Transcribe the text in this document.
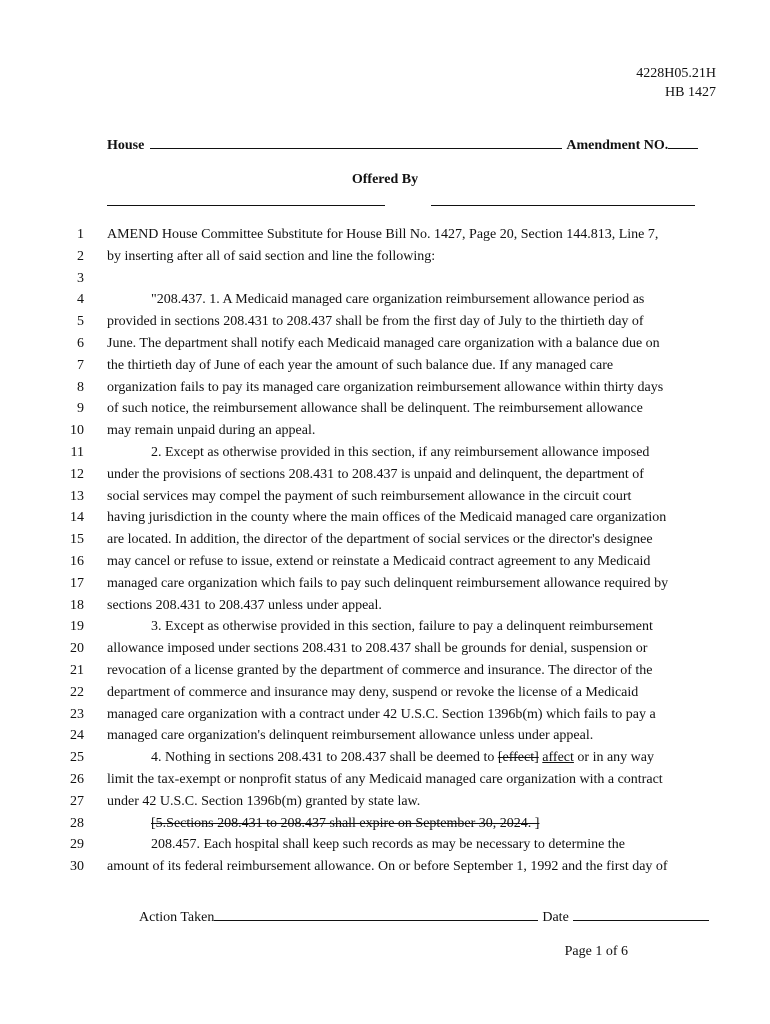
4228H05.21H
HB 1427
House	Amendment NO.
Offered By
1 AMEND House Committee Substitute for House Bill No. 1427, Page 20, Section 144.813, Line 7,
2 by inserting after all of said section and line the following:
3
4	"208.437. 1. A Medicaid managed care organization reimbursement allowance period as
5 provided in sections 208.431 to 208.437 shall be from the first day of July to the thirtieth day of
6 June. The department shall notify each Medicaid managed care organization with a balance due on
7 the thirtieth day of June of each year the amount of such balance due. If any managed care
8 organization fails to pay its managed care organization reimbursement allowance within thirty days
9 of such notice, the reimbursement allowance shall be delinquent. The reimbursement allowance
10 may remain unpaid during an appeal.
11	2. Except as otherwise provided in this section, if any reimbursement allowance imposed
12 under the provisions of sections 208.431 to 208.437 is unpaid and delinquent, the department of
13 social services may compel the payment of such reimbursement allowance in the circuit court
14 having jurisdiction in the county where the main offices of the Medicaid managed care organization
15 are located. In addition, the director of the department of social services or the director's designee
16 may cancel or refuse to issue, extend or reinstate a Medicaid contract agreement to any Medicaid
17 managed care organization which fails to pay such delinquent reimbursement allowance required by
18 sections 208.431 to 208.437 unless under appeal.
19	3. Except as otherwise provided in this section, failure to pay a delinquent reimbursement
20 allowance imposed under sections 208.431 to 208.437 shall be grounds for denial, suspension or
21 revocation of a license granted by the department of commerce and insurance. The director of the
22 department of commerce and insurance may deny, suspend or revoke the license of a Medicaid
23 managed care organization with a contract under 42 U.S.C. Section 1396b(m) which fails to pay a
24 managed care organization's delinquent reimbursement allowance unless under appeal.
25	4. Nothing in sections 208.431 to 208.437 shall be deemed to [effect] affect or in any way
26 limit the tax-exempt or nonprofit status of any Medicaid managed care organization with a contract
27 under 42 U.S.C. Section 1396b(m) granted by state law.
28	[5.Sections 208.431 to 208.437 shall expire on September 30, 2024. ]
29	208.457. Each hospital shall keep such records as may be necessary to determine the
30 amount of its federal reimbursement allowance. On or before September 1, 1992 and the first day of
Action Taken	Date
Page 1 of 6
